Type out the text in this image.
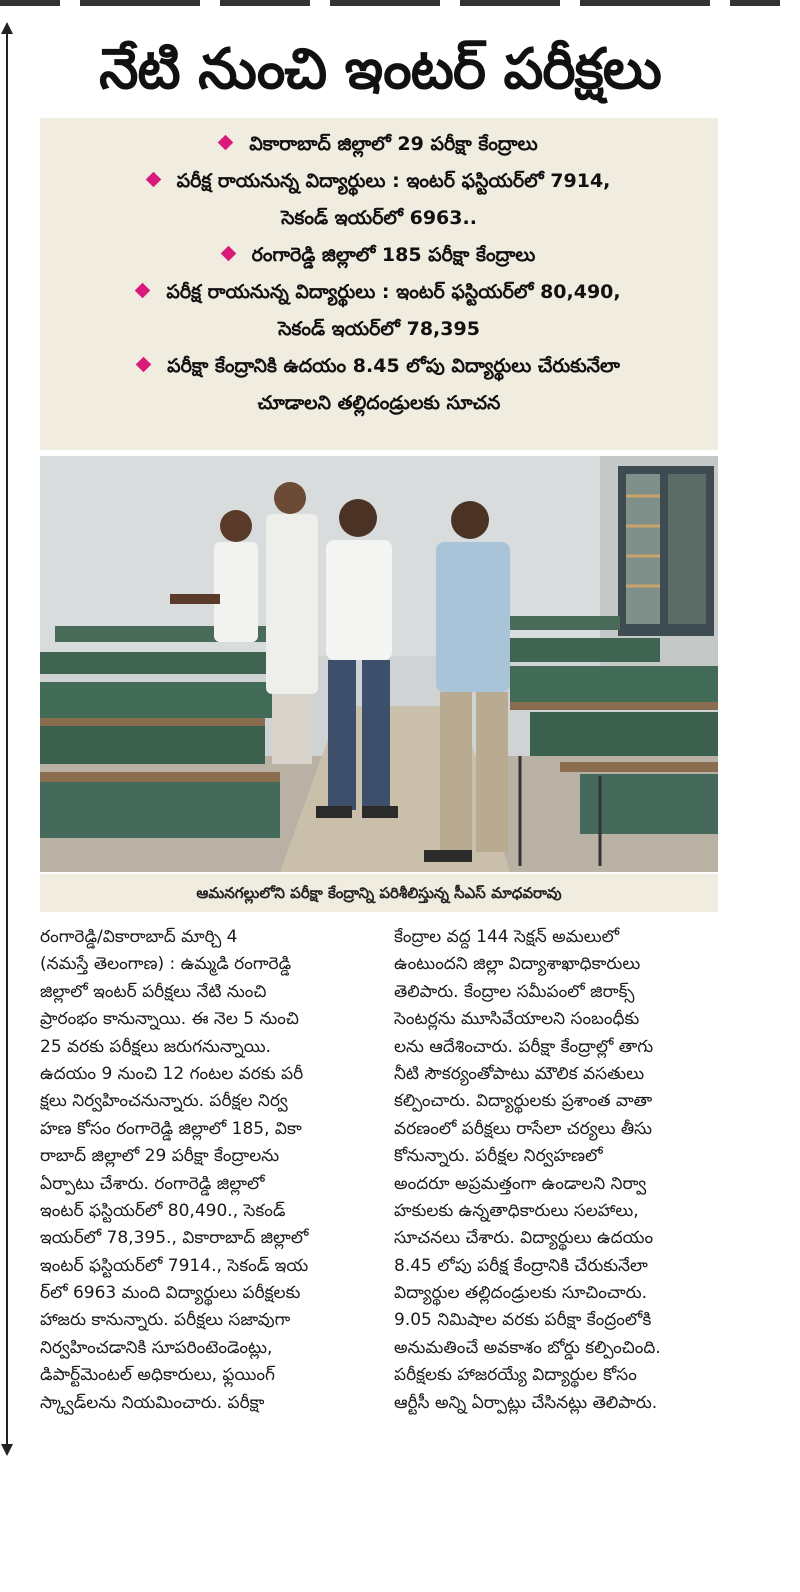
నేటి నుంచి ఇంటర్ పరీక్షలు
వికారాబాద్ జిల్లాలో 29 పరీక్షా కేంద్రాలు
పరీక్ష రాయనున్న విద్యార్థులు : ఇంటర్ ఫస్టియర్‌లో 7914,
సెకండ్ ఇయర్‌లో 6963..
రంగారెడ్డి జిల్లాలో 185 పరీక్షా కేంద్రాలు
పరీక్ష రాయనున్న విద్యార్థులు : ఇంటర్ ఫస్టియర్‌లో 80,490,
సెకండ్ ఇయర్‌లో 78,395
పరీక్షా కేంద్రానికి ఉదయం 8.45 లోపు విద్యార్థులు చేరుకునేలా
చూడాలని తల్లిదండ్రులకు సూచన
ఆమనగల్లులోని పరీక్షా కేంద్రాన్ని పరిశీలిస్తున్న సీఎస్ మాధవరావు
రంగారెడ్డి/వికారాబాద్ మార్చి 4
(నమస్తే తెలంగాణ) : ఉమ్మడి రంగారెడ్డి
జిల్లాలో ఇంటర్ పరీక్షలు నేటి నుంచి
ప్రారంభం కానున్నాయి. ఈ నెల 5 నుంచి
25 వరకు పరీక్షలు జరుగనున్నాయి.
ఉదయం 9 నుంచి 12 గంటల వరకు పరీ
క్షలు నిర్వహించనున్నారు. పరీక్షల నిర్వ
హణ కోసం రంగారెడ్డి జిల్లాలో 185, వికా
రాబాద్ జిల్లాలో 29 పరీక్షా కేంద్రాలను
ఏర్పాటు చేశారు. రంగారెడ్డి జిల్లాలో
ఇంటర్ ఫస్టియర్‌లో 80,490., సెకండ్
ఇయర్‌లో 78,395., వికారాబాద్ జిల్లాలో
ఇంటర్ ఫస్టియర్‌లో 7914., సెకండ్ ఇయ
ర్‌లో 6963 మంది విద్యార్థులు పరీక్షలకు
హాజరు కానున్నారు. పరీక్షలు సజావుగా
నిర్వహించడానికి సూపరింటెండెంట్లు,
డిపార్ట్‌మెంటల్ అధికారులు, ఫ్లయింగ్
స్క్వాడ్‌లను నియమించారు. పరీక్షా
కేంద్రాల వద్ద 144 సెక్షన్ అమలులో
ఉంటుందని జిల్లా విద్యాశాఖాధికారులు
తెలిపారు. కేంద్రాల సమీపంలో జిరాక్స్
సెంటర్లను మూసివేయాలని సంబంధీకు
లను ఆదేశించారు. పరీక్షా కేంద్రాల్లో తాగు
నీటి సౌకర్యంతోపాటు మౌలిక వసతులు
కల్పించారు. విద్యార్థులకు ప్రశాంత వాతా
వరణంలో పరీక్షలు రాసేలా చర్యలు తీసు
కోనున్నారు. పరీక్షల నిర్వహణలో
అందరూ అప్రమత్తంగా ఉండాలని నిర్వా
హకులకు ఉన్నతాధికారులు సలహాలు,
సూచనలు చేశారు. విద్యార్థులు ఉదయం
8.45 లోపు పరీక్ష కేంద్రానికి చేరుకునేలా
విద్యార్థుల తల్లిదండ్రులకు సూచించారు.
9.05 నిమిషాల వరకు పరీక్షా కేంద్రంలోకి
అనుమతించే అవకాశం బోర్డు కల్పించింది.
పరీక్షలకు హాజరయ్యే విద్యార్థుల కోసం
ఆర్టీసీ అన్ని ఏర్పాట్లు చేసినట్లు తెలిపారు.
